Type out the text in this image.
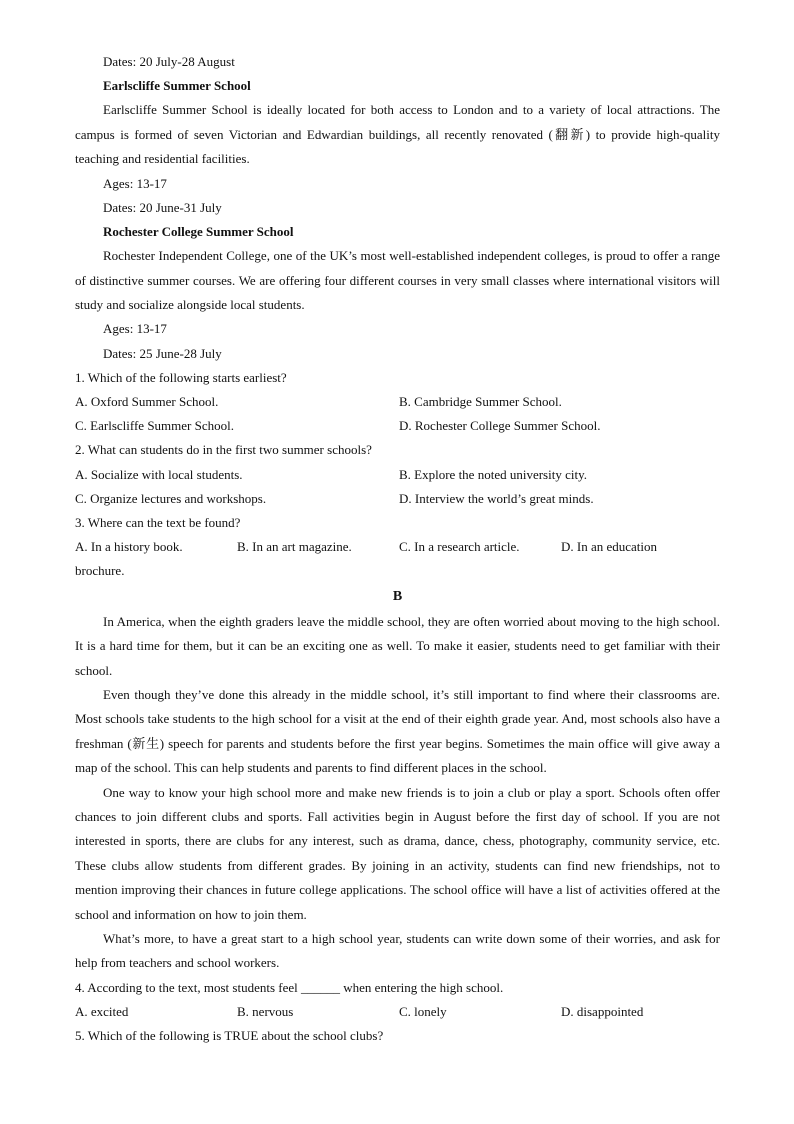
Dates: 20 July-28 August
Earlscliffe Summer School
Earlscliffe Summer School is ideally located for both access to London and to a variety of local attractions. The campus is formed of seven Victorian and Edwardian buildings, all recently renovated (翻新) to provide high-quality teaching and residential facilities.
Ages: 13-17
Dates: 20 June-31 July
Rochester College Summer School
Rochester Independent College, one of the UK’s most well-established independent colleges, is proud to offer a range of distinctive summer courses. We are offering four different courses in very small classes where international visitors will study and socialize alongside local students.
Ages: 13-17
Dates: 25 June-28 July
1. Which of the following starts earliest?
A. Oxford Summer School.	B. Cambridge Summer School.
C. Earlscliffe Summer School.	D. Rochester College Summer School.
2. What can students do in the first two summer schools?
A. Socialize with local students.	B. Explore the noted university city.
C. Organize lectures and workshops.	D. Interview the world’s great minds.
3. Where can the text be found?
A. In a history book.	B. In an art magazine.	C. In a research article.	D. In an education
brochure.
B
In America, when the eighth graders leave the middle school, they are often worried about moving to the high school. It is a hard time for them, but it can be an exciting one as well. To make it easier, students need to get familiar with their school.
Even though they’ve done this already in the middle school, it’s still important to find where their classrooms are. Most schools take students to the high school for a visit at the end of their eighth grade year. And, most schools also have a freshman (新生) speech for parents and students before the first year begins. Sometimes the main office will give away a map of the school. This can help students and parents to find different places in the school.
One way to know your high school more and make new friends is to join a club or play a sport. Schools often offer chances to join different clubs and sports. Fall activities begin in August before the first day of school. If you are not interested in sports, there are clubs for any interest, such as drama, dance, chess, photography, community service, etc. These clubs allow students from different grades. By joining in an activity, students can find new friendships, not to mention improving their chances in future college applications. The school office will have a list of activities offered at the school and information on how to join them.
What’s more, to have a great start to a high school year, students can write down some of their worries, and ask for help from teachers and school workers.
4. According to the text, most students feel ______ when entering the high school.
A. excited	B. nervous	C. lonely	D. disappointed
5. Which of the following is TRUE about the school clubs?
